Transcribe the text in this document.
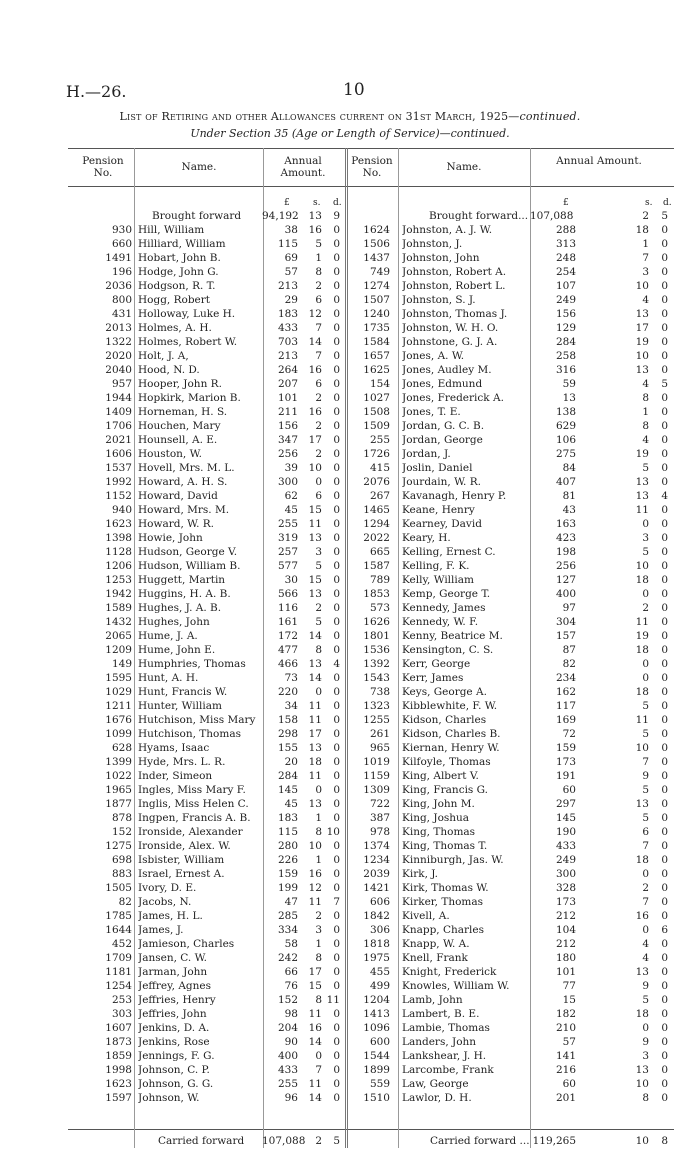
H.—26.	10
List of Retiring and other Allowances current on 31st March, 1925—continued.
Under Section 35 (Age or Length of Service)—continued.
Pension No.	Name.	Annual Amount.
Pension No.	Name.	Annual Amount.
£	s. d.	£	s. d.
Brought forward 94,192 13	9	Brought forward... 107,088	2	5
930 Hill, William	38	16	0
660 Hilliard, William	115	5	0
1491 Hobart, John B.	69	1	0
196 Hodge, John G.	57	8	0
2036 Hodgson, R. T.	213	2	0
800 Hogg, Robert	29	6	0
431 Holloway, Luke H.	183	12	0
2013 Holmes, A. H.	433	7	0
1322 Holmes, Robert W.	703	14	0
2020 Holt, J. A,	213	7	0
2040 Hood, N. D.	264	16	0
957 Hooper, John R.	207	6	0
1944 Hopkirk, Marion B.	101	2	0
1409 Horneman, H. S.	211	16	0
1706 Houchen, Mary	156	2	0
2021 Hounsell, A. E.	347	17	0
1606 Houston, W.	256	2	0
1537 Hovell, Mrs. M. L.	39	10	0
1992 Howard, A. H. S.	300	0	0
1152 Howard, David	62	6	0
940 Howard, Mrs. M.	45	15	0
1623 Howard, W. R.	255	11	0
1398 Howie, John	319	13	0
1128 Hudson, George V.	257	3	0
1206 Hudson, William B.	577	5	0
1253 Huggett, Martin	30	15	0
1942 Huggins, H. A. B.	566	13	0
1589 Hughes, J. A. B.	116	2	0
1432 Hughes, John	161	5	0
2065 Hume, J. A.	172	14	0
1209 Hume, John E.	477	8	0
149 Humphries, Thomas	466	13	4
1595 Hunt, A. H.	73	14	0
1029 Hunt, Francis W.	220	0	0
1211 Hunter, William	34	11	0
1676 Hutchison, Miss Mary	158	11	0
1099 Hutchison, Thomas	298	17	0
628 Hyams, Isaac	155	13	0
1399 Hyde, Mrs. L. R.	20	18	0
1022 Inder, Simeon	284	11	0
1965 Ingles, Miss Mary F.	145	0	0
1877 Inglis, Miss Helen C.	45	13	0
878 Ingpen, Francis A. B.	183	1	0
152 Ironside, Alexander	115	8 10
1275 Ironside, Alex. W.	280	10	0
698 Isbister, William	226	1	0
883 Israel, Ernest A.	159	16	0
1505 Ivory, D. E.	199	12	0
82 Jacobs, N.	47	11	7
1785 James, H. L.	285	2	0
1644 James, J.	334	3	0
452 Jamieson, Charles	58	1	0
1709 Jansen, C. W.	242	8	0
1181 Jarman, John	66	17	0
1254 Jeffrey, Agnes	76	15	0
253 Jeffries, Henry	152	8 11
303 Jeffries, John	98	11	0
1607 Jenkins, D. A.	204	16	0
1873 Jenkins, Rose	90	14	0
1859 Jennings, F. G.	400	0	0
1998 Johnson, C. P.	433	7	0
1623 Johnson, G. G.	255	11	0
1597 Johnson, W.	96	14	0
1624 Johnston, A. J. W.	288	18	0
1506 Johnston, J.	313	1	0
1437 Johnston, John	248	7	0
749 Johnston, Robert A.	254	3	0
1274 Johnston, Robert L.	107	10	0
1507 Johnston, S. J.	249	4	0
1240 Johnston, Thomas J.	156	13	0
1735 Johnston, W. H. O.	129	17	0
1584 Johnstone, G. J. A.	284	19	0
1657 Jones, A. W.	258	10	0
1625 Jones, Audley M.	316	13	0
154 Jones, Edmund	59	4	5
1027 Jones, Frederick A.	13	8	0
1508 Jones, T. E.	138	1	0
1509 Jordan, G. C. B.	629	8	0
255 Jordan, George	106	4	0
1726 Jordan, J.	275	19	0
415 Joslin, Daniel	84	5	0
2076 Jourdain, W. R.	407	13	0
267 Kavanagh, Henry P.	81	13	4
1465 Keane, Henry	43	11	0
1294 Kearney, David	163	0	0
2022 Keary, H.	423	3	0
665 Kelling, Ernest C.	198	5	0
1587 Kelling, F. K.	256	10	0
789 Kelly, William	127	18	0
1853 Kemp, George T.	400	0	0
573 Kennedy, James	97	2	0
1626 Kennedy, W. F.	304	11	0
1801 Kenny, Beatrice M.	157	19	0
1536 Kensington, C. S.	87	18	0
1392 Kerr, George	82	0	0
1543 Kerr, James	234	0	0
738 Keys, George A.	162	18	0
1323 Kibblewhite, F. W.	117	5	0
1255 Kidson, Charles	169	11	0
261 Kidson, Charles B.	72	5	0
965 Kiernan, Henry W.	159	10	0
1019 Kilfoyle, Thomas	173	7	0
1159 King, Albert V.	191	9	0
1309 King, Francis G.	60	5	0
722 King, John M.	297	13	0
387 King, Joshua	145	5	0
978 King, Thomas	190	6	0
1374 King, Thomas T.	433	7	0
1234 Kinniburgh, Jas. W.	249	18	0
2039 Kirk, J.	300	0	0
1421 Kirk, Thomas W.	328	2	0
606 Kirker, Thomas	173	7	0
1842 Kivell, A.	212	16	0
306 Knapp, Charles	104	0	6
1818 Knapp, W. A.	212	4	0
1975 Knell, Frank	180	4	0
455 Knight, Frederick	101	13	0
499 Knowles, William W.	77	9	0
1204 Lamb, John	15	5	0
1413 Lambert, B. E.	182	18	0
1096 Lambie, Thomas	210	0	0
600 Landers, John	57	9	0
1544 Lankshear, J. H.	141	3	0
1899 Larcombe, Frank	216	13	0
559 Law, George	60	10	0
1510 Lawlor, D. H.	201	8	0
Carried forward 107,088 2	5	Carried forward ... 119,265	10	8
